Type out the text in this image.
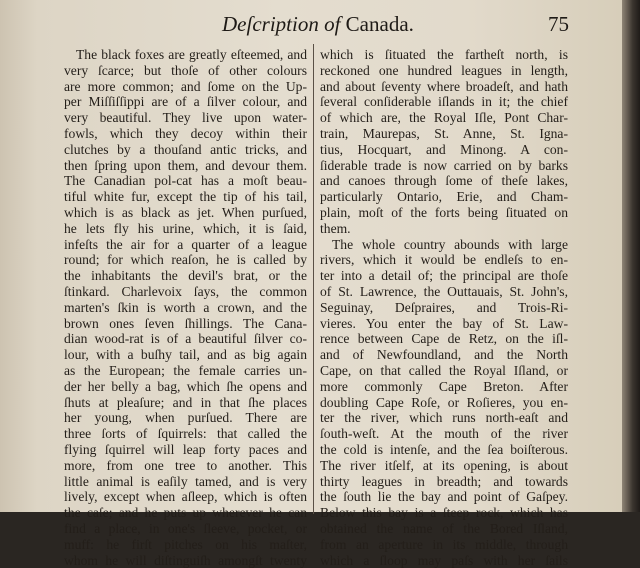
Deſcription of Canada.	75
The black foxes are greatly eſteemed, and
very ſcarce; but thoſe of other colours
are more common; and ſome on the Up-
per Miſſiſſippi are of a ſilver colour, and
very beautiful. They live upon water-
fowls, which they decoy within their
clutches by a thouſand antic tricks, and
then ſpring upon them, and devour them.
The Canadian pol-cat has a moſt beau-
tiful white fur, except the tip of his tail,
which is as black as jet. When purſued,
he lets fly his urine, which, it is ſaid,
infeſts the air for a quarter of a league
round; for which reaſon, he is called by
the inhabitants the devil's brat, or the
ſtinkard. Charlevoix ſays, the common
marten's ſkin is worth a crown, and the
brown ones ſeven ſhillings. The Cana-
dian wood-rat is of a beautiful ſilver co-
lour, with a buſhy tail, and as big again
as the European; the female carries un-
der her belly a bag, which ſhe opens and
ſhuts at pleaſure; and in that ſhe places
her young, when purſued. There are
three ſorts of ſquirrels: that called the
flying ſquirrel will leap forty paces and
more, from one tree to another. This
little animal is eaſily tamed, and is very
lively, except when aſleep, which is often
the caſe; and he puts up wherever he can
find a place, in one's ſleeve, pocket, or
muff: he firſt pitches on his maſter,
whom he will diſtinguiſh amongſt twenty
which is ſituated the fartheſt north, is
reckoned one hundred leagues in length,
and about ſeventy where broadeſt, and hath
ſeveral conſiderable iſlands in it; the chief
of which are, the Royal Iſle, Pont Char-
train, Maurepas, St. Anne, St. Igna-
tius, Hocquart, and Minong. A con-
ſiderable trade is now carried on by barks
and canoes through ſome of theſe lakes,
particularly Ontario, Erie, and Cham-
plain, moſt of the forts being ſituated on
them.
The whole country abounds with large
rivers, which it would be endleſs to en-
ter into a detail of; the principal are thoſe
of St. Lawrence, the Outtauais, St. John's,
Seguinay, Deſpraires, and Trois-Ri-
vieres. You enter the bay of St. Law-
rence between Cape de Retz, on the iſl-
and of Newfoundland, and the North
Cape, on that called the Royal Iſland, or
more commonly Cape Breton. After
doubling Cape Roſe, or Roſieres, you en-
ter the river, which runs north-eaſt and
ſouth-weſt. At the mouth of the river
the cold is intenſe, and the ſea boiſterous.
The river itſelf, at its opening, is about
thirty leagues in breadth; and towards
the ſouth lie the bay and point of Gaſpey.
Below this bay is a ſteep rock, which has
obtained the name of the Bored Iſland,
from an aperture in its middle, through
which a ſloop may paſs with her ſails
